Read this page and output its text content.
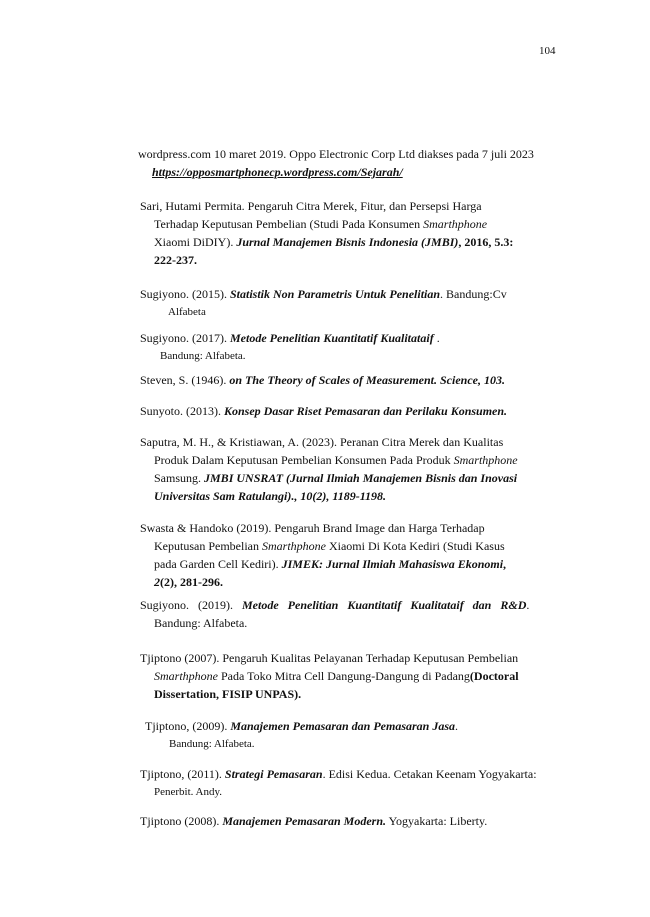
104

wordpress.com 10 maret 2019. Oppo Electronic Corp Ltd diakses pada 7 juli 2023

https://opposmartphonecp.wordpress.com/Sejarah/

Sari, Hutami Permita. Pengaruh Citra Merek, Fitur, dan Persepsi Harga

Terhadap Keputusan Pembelian (Studi Pada Konsumen Smarthphone

Xiaomi DiDIY). Jurnal Manajemen Bisnis Indonesia (JMBI), 2016, 5.3:

222-237.

Sugiyono. (2015). Statistik Non Parametris Untuk Penelitian. Bandung:Cv

Alfabeta

Sugiyono. (2017). Metode Penelitian Kuantitatif Kualitataif .

Bandung: Alfabeta.

Steven, S. (1946). on The Theory of Scales of Measurement. Science, 103.

Sunyoto. (2013). Konsep Dasar Riset Pemasaran dan Perilaku Konsumen.

Saputra, M. H., & Kristiawan, A. (2023). Peranan Citra Merek dan Kualitas

Produk Dalam Keputusan Pembelian Konsumen Pada Produk Smarthphone

Samsung. JMBI UNSRAT (Jurnal Ilmiah Manajemen Bisnis dan Inovasi

Universitas Sam Ratulangi)., 10(2), 1189-1198.

Swasta & Handoko (2019). Pengaruh Brand Image dan Harga Terhadap

Keputusan Pembelian Smarthphone Xiaomi Di Kota Kediri (Studi Kasus

pada Garden Cell Kediri). JIMEK: Jurnal Ilmiah Mahasiswa Ekonomi,

2(2), 281-296.

Sugiyono. (2019). Metode Penelitian Kuantitatif Kualitataif dan R&D.

Bandung: Alfabeta.

Tjiptono (2007). Pengaruh Kualitas Pelayanan Terhadap Keputusan Pembelian

Smarthphone Pada Toko Mitra Cell Dangung-Dangung di Padang(Doctoral

Dissertation, FISIP UNPAS).

Tjiptono, (2009). Manajemen Pemasaran dan Pemasaran Jasa.

Bandung: Alfabeta.

Tjiptono, (2011). Strategi Pemasaran. Edisi Kedua. Cetakan Keenam Yogyakarta:

Penerbit. Andy.

Tjiptono (2008). Manajemen Pemasaran Modern. Yogyakarta: Liberty.
